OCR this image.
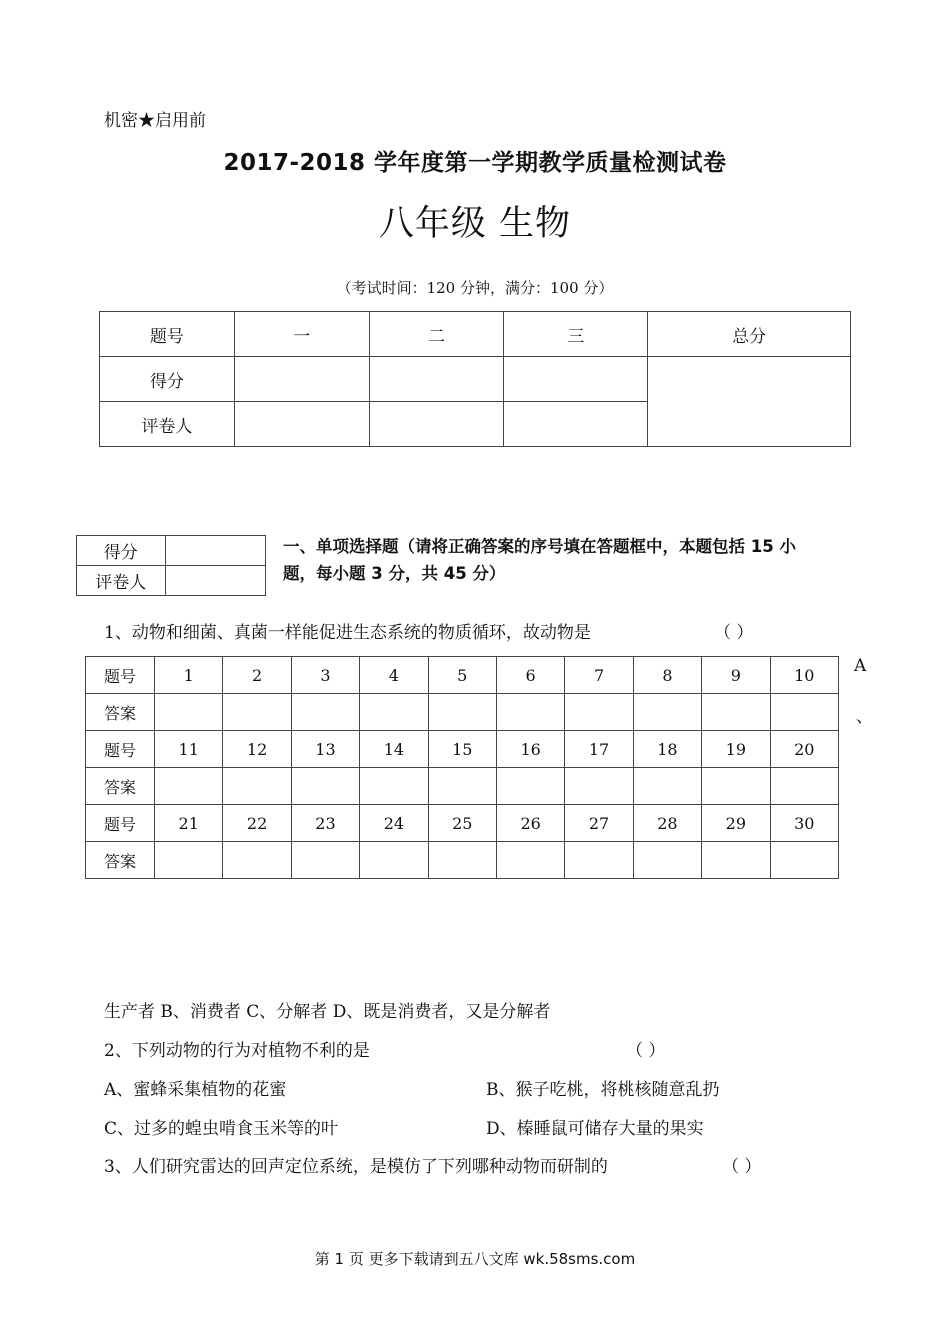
机密★启用前
2017-2018 学年度第一学期教学质量检测试卷
八年级 生物
（考试时间：120 分钟，满分：100 分）
题号	一	二	三	总分
得分				
评卷人				
得分	
评卷人	
一、单项选择题（请将正确答案的序号填在答题框中，本题包括 15 小
题，每小题 3 分，共 45 分）
1、动物和细菌、真菌一样能促进生态系统的物质循环，故动物是	（ ）
题号	1	2	3	4	5	6	7	8	9	10
答案										
题号	11	12	13	14	15	16	17	18	19	20
答案										
题号	21	22	23	24	25	26	27	28	29	30
答案										
A
、
生产者 B、消费者 C、分解者 D、既是消费者，又是分解者
2、下列动物的行为对植物不利的是	（ ）
A、蜜蜂采集植物的花蜜	B、猴子吃桃，将桃核随意乱扔
C、过多的蝗虫啃食玉米等的叶	D、榛睡鼠可储存大量的果实
3、人们研究雷达的回声定位系统，是模仿了下列哪种动物而研制的	（ ）
第 1 页 更多下载请到五八文库 wk.58sms.com
